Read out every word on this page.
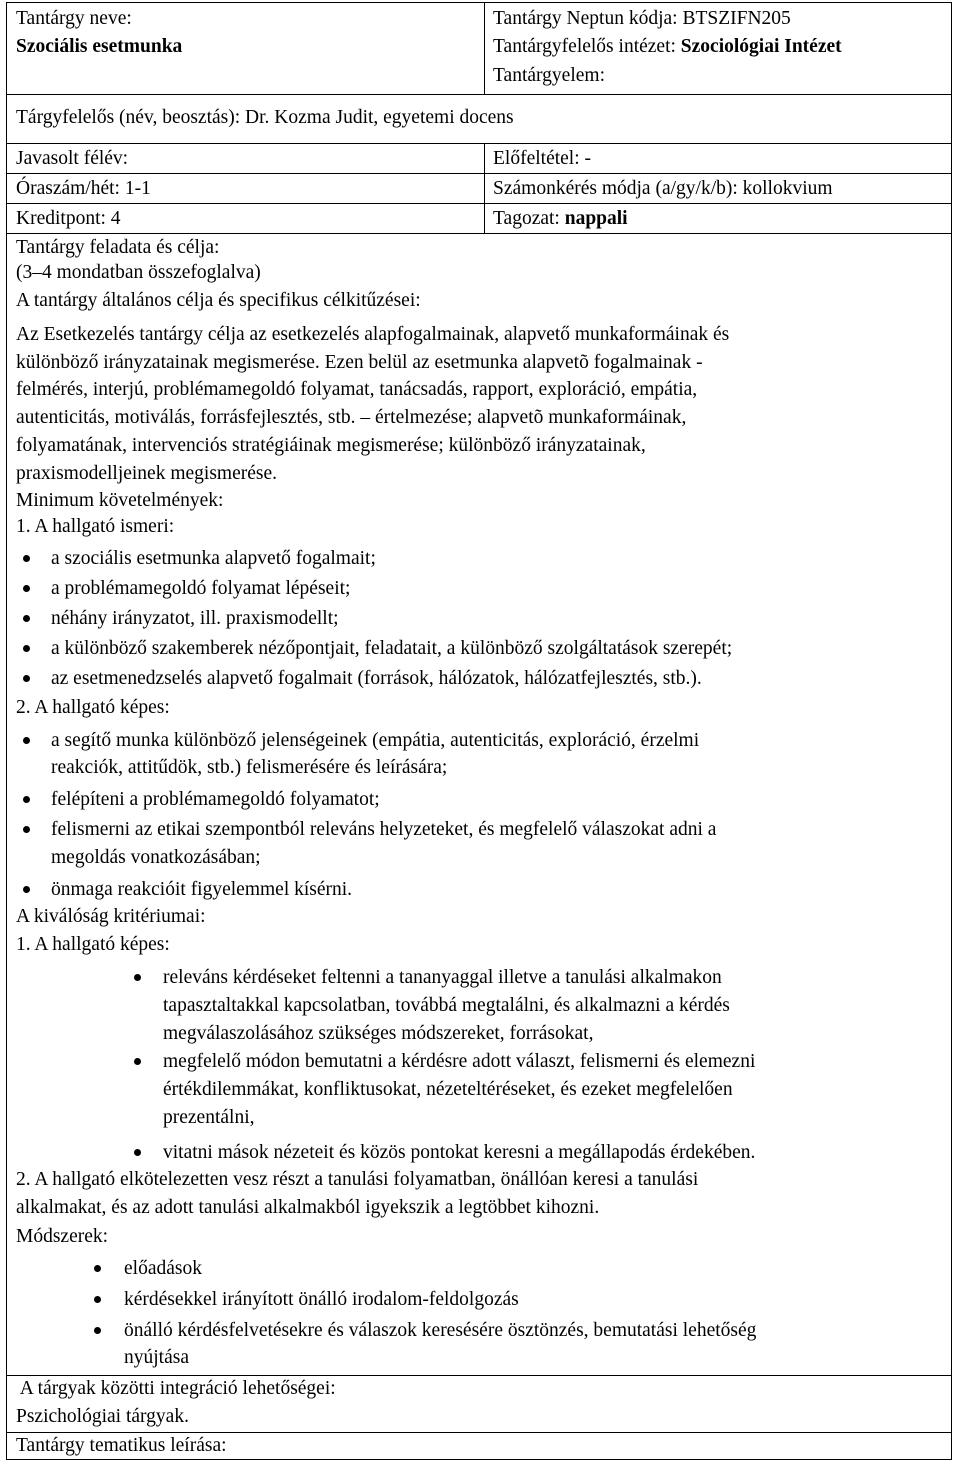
Tantárgy neve:
Szociális esetmunka
Tantárgy Neptun kódja: BTSZIFN205
Tantárgyfelelős intézet: Szociológiai Intézet
Tantárgyelem:
Tárgyfelelős (név, beosztás): Dr. Kozma Judit, egyetemi docens
Javasolt félév:	Előfeltétel: -
Óraszám/hét: 1-1	Számonkérés módja (a/gy/k/b): kollokvium
Kreditpont: 4	Tagozat: nappali
Tantárgy feladata és célja:
(3–4 mondatban összefoglalva)
A tantárgy általános célja és specifikus célkitűzései:
Az Esetkezelés tantárgy célja az esetkezelés alapfogalmainak, alapvető munkaformáinak és
különböző irányzatainak megismerése. Ezen belül az esetmunka alapvetõ fogalmainak -
felmérés, interjú, problémamegoldó folyamat, tanácsadás, rapport, exploráció, empátia,
autenticitás, motiválás, forrásfejlesztés, stb. – értelmezése; alapvetõ munkaformáinak,
folyamatának, intervenciós stratégiáinak megismerése; különböző irányzatainak,
praxismodelljeinek megismerése.
Minimum követelmények:
1. A hallgató ismeri:
a szociális esetmunka alapvető fogalmait;
a problémamegoldó folyamat lépéseit;
néhány irányzatot, ill. praxismodellt;
a különböző szakemberek nézőpontjait, feladatait, a különböző szolgáltatások szerepét;
az esetmenedzselés alapvető fogalmait (források, hálózatok, hálózatfejlesztés, stb.).
2. A hallgató képes:
a segítő munka különböző jelenségeinek (empátia, autenticitás, exploráció, érzelmi
reakciók, attitűdök, stb.) felismerésére és leírására;
felépíteni a problémamegoldó folyamatot;
felismerni az etikai szempontból releváns helyzeteket, és megfelelő válaszokat adni a
megoldás vonatkozásában;
önmaga reakcióit figyelemmel kísérni.
A kiválóság kritériumai:
1. A hallgató képes:
releváns kérdéseket feltenni a tananyaggal illetve a tanulási alkalmakon
tapasztaltakkal kapcsolatban, továbbá megtalálni, és alkalmazni a kérdés
megválaszolásához szükséges módszereket, forrásokat,
megfelelő módon bemutatni a kérdésre adott választ, felismerni és elemezni
értékdilemmákat, konfliktusokat, nézeteltéréseket, és ezeket megfelelően
prezentálni,
vitatni mások nézeteit és közös pontokat keresni a megállapodás érdekében.
2. A hallgató elkötelezetten vesz részt a tanulási folyamatban, önállóan keresi a tanulási
alkalmakat, és az adott tanulási alkalmakból igyekszik a legtöbbet kihozni.
Módszerek:
előadások
kérdésekkel irányított önálló irodalom-feldolgozás
önálló kérdésfelvetésekre és válaszok keresésére ösztönzés, bemutatási lehetőség
nyújtása
A tárgyak közötti integráció lehetőségei:
Pszichológiai tárgyak.
Tantárgy tematikus leírása:
